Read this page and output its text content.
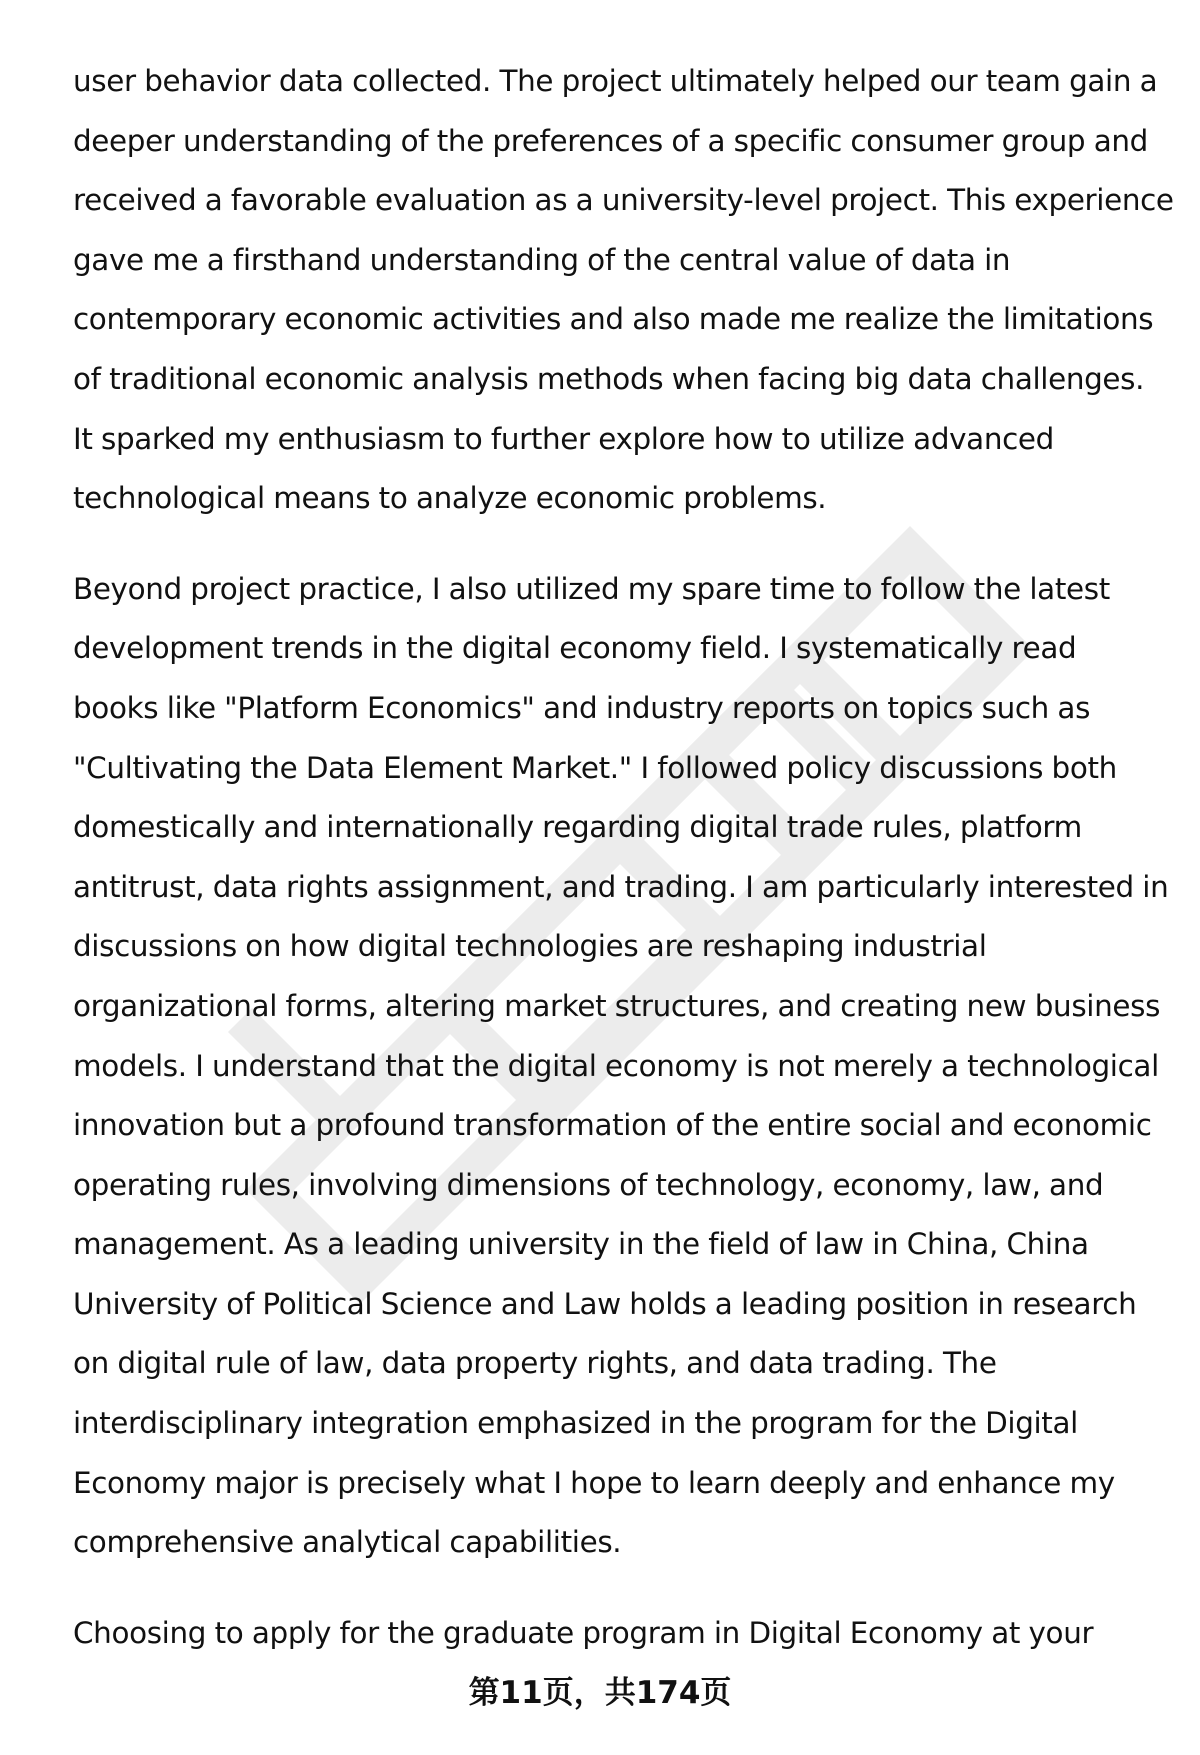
user behavior data collected. The project ultimately helped our team gain a
deeper understanding of the preferences of a specific consumer group and
received a favorable evaluation as a university-level project. This experience
gave me a firsthand understanding of the central value of data in
contemporary economic activities and also made me realize the limitations
of traditional economic analysis methods when facing big data challenges.
It sparked my enthusiasm to further explore how to utilize advanced
technological means to analyze economic problems.

Beyond project practice, I also utilized my spare time to follow the latest
development trends in the digital economy field. I systematically read
books like "Platform Economics" and industry reports on topics such as
"Cultivating the Data Element Market." I followed policy discussions both
domestically and internationally regarding digital trade rules, platform
antitrust, data rights assignment, and trading. I am particularly interested in
discussions on how digital technologies are reshaping industrial
organizational forms, altering market structures, and creating new business
models. I understand that the digital economy is not merely a technological
innovation but a profound transformation of the entire social and economic
operating rules, involving dimensions of technology, economy, law, and
management. As a leading university in the field of law in China, China
University of Political Science and Law holds a leading position in research
on digital rule of law, data property rights, and data trading. The
interdisciplinary integration emphasized in the program for the Digital
Economy major is precisely what I hope to learn deeply and enhance my
comprehensive analytical capabilities.

Choosing to apply for the graduate program in Digital Economy at your

第11页，共174页
